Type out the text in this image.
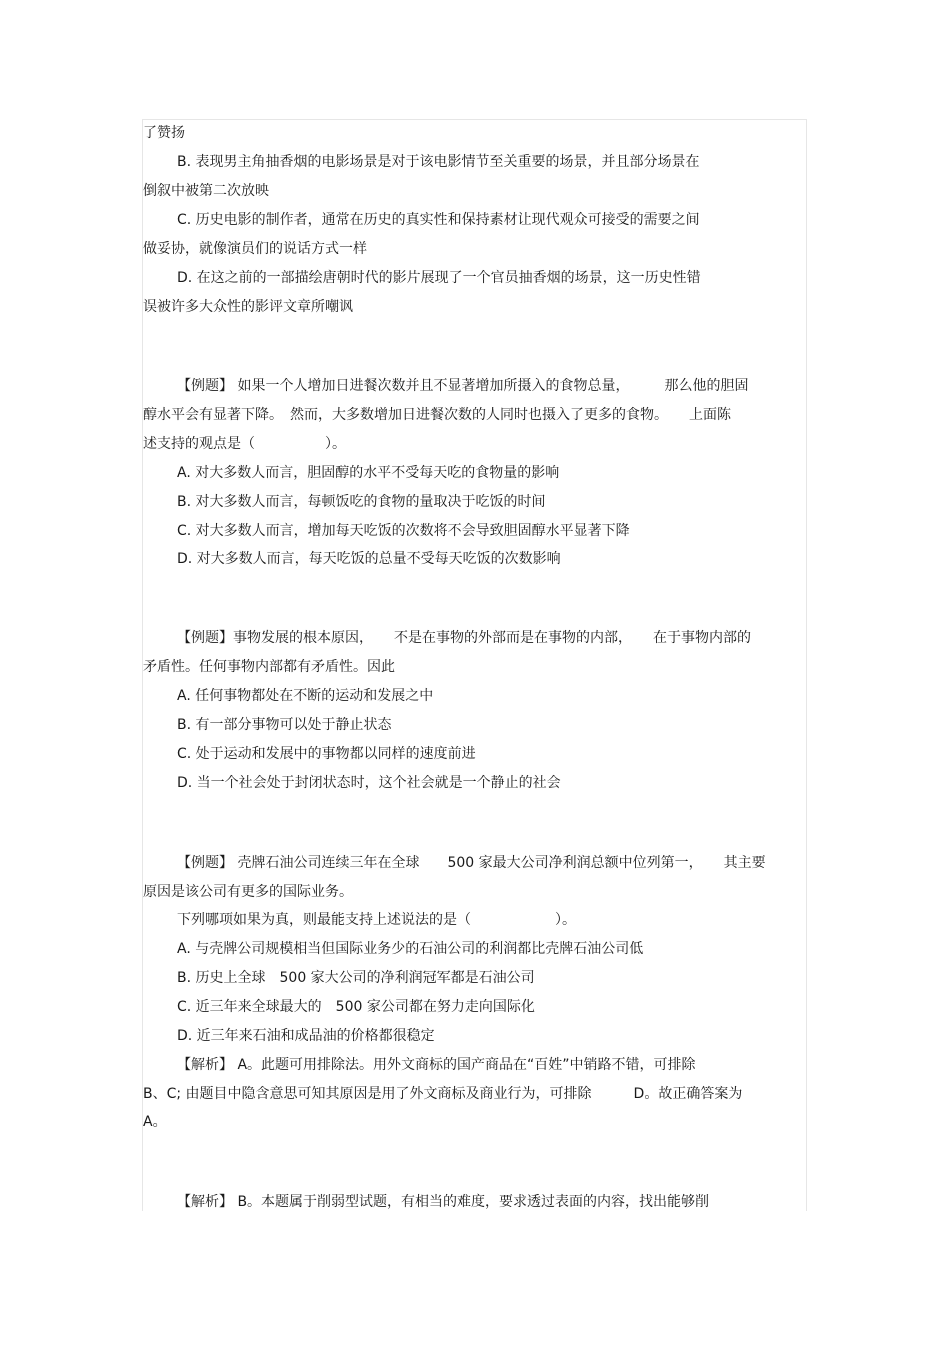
了赞扬

B. 表现男主角抽香烟的电影场景是对于该电影情节至关重要的场景，并且部分场景在

倒叙中被第二次放映

C. 历史电影的制作者，通常在历史的真实性和保持素材让现代观众可接受的需要之间

做妥协，就像演员们的说话方式一样

D. 在这之前的一部描绘唐朝时代的影片展现了一个官员抽香烟的场景，这一历史性错

误被许多大众性的影评文章所嘲讽

【例题】 如果一个人增加日进餐次数并且不显著增加所摄入的食物总量，　　　那么他的胆固

醇水平会有显著下降。　然而，大多数增加日进餐次数的人同时也摄入了更多的食物。　　上面陈

述支持的观点是（　　　　　）。

A. 对大多数人而言，胆固醇的水平不受每天吃的食物量的影响

B. 对大多数人而言，每顿饭吃的食物的量取决于吃饭的时间

C. 对大多数人而言，增加每天吃饭的次数将不会导致胆固醇水平显著下降

D. 对大多数人而言，每天吃饭的总量不受每天吃饭的次数影响

【例题】事物发展的根本原因，　　不是在事物的外部而是在事物的内部，　　在于事物内部的

矛盾性。任何事物内部都有矛盾性。因此

A. 任何事物都处在不断的运动和发展之中

B. 有一部分事物可以处于静止状态

C. 处于运动和发展中的事物都以同样的速度前进

D. 当一个社会处于封闭状态时，这个社会就是一个静止的社会

【例题】 壳牌石油公司连续三年在全球　　500 家最大公司净利润总额中位列第一，　　其主要

原因是该公司有更多的国际业务。

下列哪项如果为真，则最能支持上述说法的是（　　　　　　）。

A. 与壳牌公司规模相当但国际业务少的石油公司的利润都比壳牌石油公司低

B. 历史上全球　500 家大公司的净利润冠军都是石油公司

C. 近三年来全球最大的　500 家公司都在努力走向国际化

D. 近三年来石油和成品油的价格都很稳定

【解析】 A。此题可用排除法。用外文商标的国产商品在“百姓”中销路不错，可排除

B、C; 由题目中隐含意思可知其原因是用了外文商标及商业行为，可排除　　　D。故正确答案为

A。

【解析】 B。本题属于削弱型试题，有相当的难度，要求透过表面的内容，找出能够削
